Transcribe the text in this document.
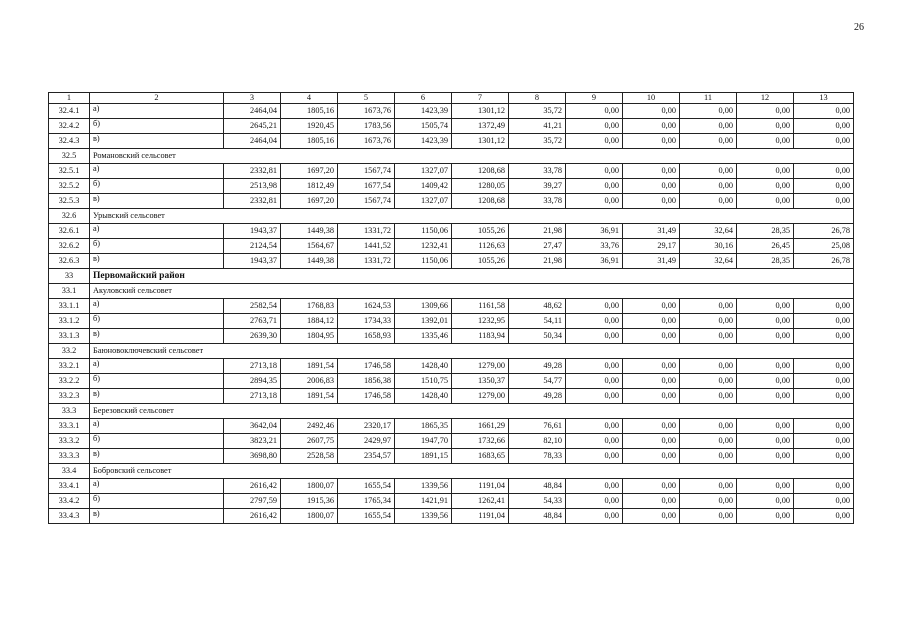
26
1	2	3	4	5	6	7	8	9	10	11	12	13
32.4.1	а)	2464,04	1805,16	1673,76	1423,39	1301,12	35,72	0,00	0,00	0,00	0,00	0,00
32.4.2	б)	2645,21	1920,45	1783,56	1505,74	1372,49	41,21	0,00	0,00	0,00	0,00	0,00
32.4.3	в)	2464,04	1805,16	1673,76	1423,39	1301,12	35,72	0,00	0,00	0,00	0,00	0,00
32.5	Романовский сельсовет											
32.5.1	а)	2332,81	1697,20	1567,74	1327,07	1208,68	33,78	0,00	0,00	0,00	0,00	0,00
32.5.2	б)	2513,98	1812,49	1677,54	1409,42	1280,05	39,27	0,00	0,00	0,00	0,00	0,00
32.5.3	в)	2332,81	1697,20	1567,74	1327,07	1208,68	33,78	0,00	0,00	0,00	0,00	0,00
32.6	Урывский сельсовет											
32.6.1	а)	1943,37	1449,38	1331,72	1150,06	1055,26	21,98	36,91	31,49	32,64	28,35	26,78
32.6.2	б)	2124,54	1564,67	1441,52	1232,41	1126,63	27,47	33,76	29,17	30,16	26,45	25,08
32.6.3	в)	1943,37	1449,38	1331,72	1150,06	1055,26	21,98	36,91	31,49	32,64	28,35	26,78
33	Первомайский район											
33.1	Акуловский сельсовет											
33.1.1	а)	2582,54	1768,83	1624,53	1309,66	1161,58	48,62	0,00	0,00	0,00	0,00	0,00
33.1.2	б)	2763,71	1884,12	1734,33	1392,01	1232,95	54,11	0,00	0,00	0,00	0,00	0,00
33.1.3	в)	2639,30	1804,95	1658,93	1335,46	1183,94	50,34	0,00	0,00	0,00	0,00	0,00
33.2	Баюновоключевский сельсовет											
33.2.1	а)	2713,18	1891,54	1746,58	1428,40	1279,00	49,28	0,00	0,00	0,00	0,00	0,00
33.2.2	б)	2894,35	2006,83	1856,38	1510,75	1350,37	54,77	0,00	0,00	0,00	0,00	0,00
33.2.3	в)	2713,18	1891,54	1746,58	1428,40	1279,00	49,28	0,00	0,00	0,00	0,00	0,00
33.3	Березовский сельсовет											
33.3.1	а)	3642,04	2492,46	2320,17	1865,35	1661,29	76,61	0,00	0,00	0,00	0,00	0,00
33.3.2	б)	3823,21	2607,75	2429,97	1947,70	1732,66	82,10	0,00	0,00	0,00	0,00	0,00
33.3.3	в)	3698,80	2528,58	2354,57	1891,15	1683,65	78,33	0,00	0,00	0,00	0,00	0,00
33.4	Бобровский сельсовет											
33.4.1	а)	2616,42	1800,07	1655,54	1339,56	1191,04	48,84	0,00	0,00	0,00	0,00	0,00
33.4.2	б)	2797,59	1915,36	1765,34	1421,91	1262,41	54,33	0,00	0,00	0,00	0,00	0,00
33.4.3	в)	2616,42	1800,07	1655,54	1339,56	1191,04	48,84	0,00	0,00	0,00	0,00	0,00
